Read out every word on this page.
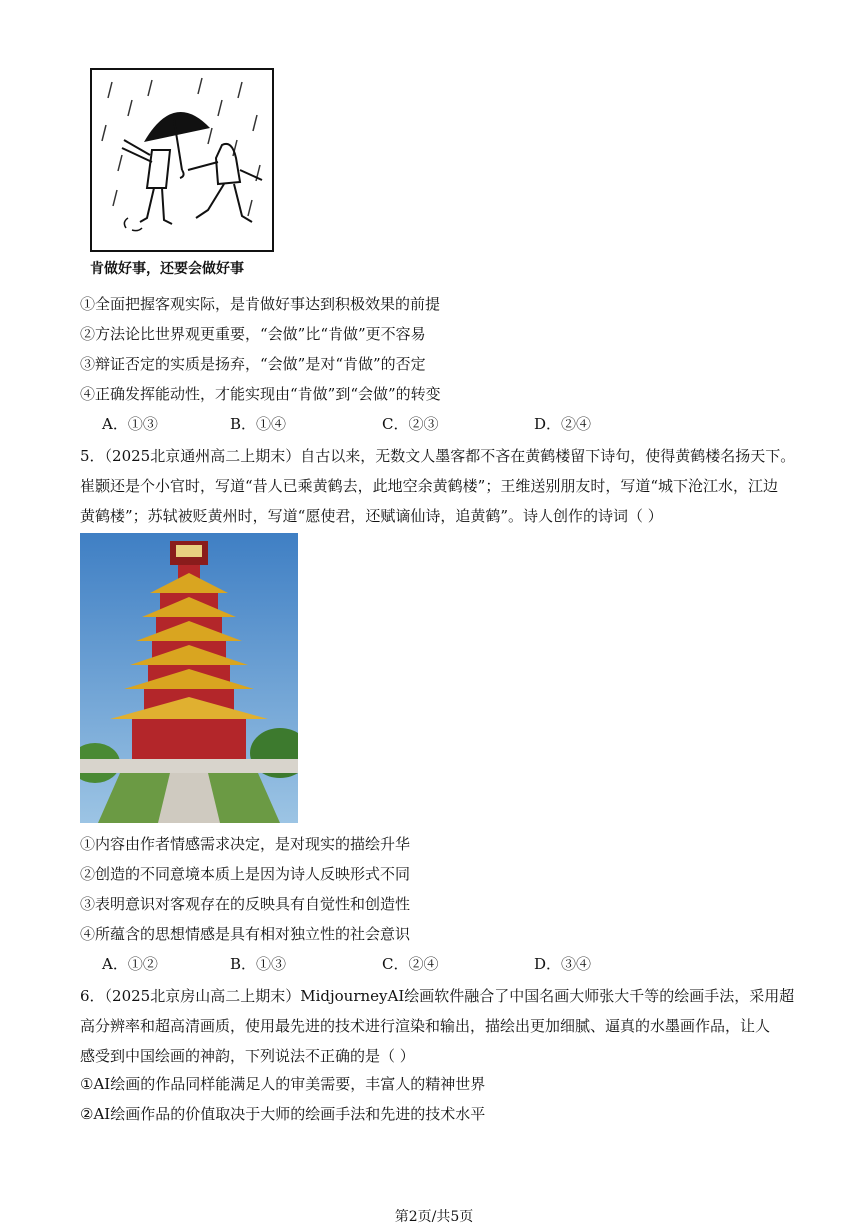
肯做好事，还要会做好事
①全面把握客观实际，是肯做好事达到积极效果的前提
②方法论比世界观更重要，“会做”比“肯做”更不容易
③辩证否定的实质是扬弃，“会做”是对“肯做”的否定
④正确发挥能动性，才能实现由“肯做”到“会做”的转变
A．①③	B．①④	C．②③	D．②④
5．（2025北京通州高二上期末）自古以来，无数文人墨客都不吝在黄鹤楼留下诗句，使得黄鹤楼名扬天下。
崔颢还是个小官时，写道“昔人已乘黄鹤去，此地空余黄鹤楼”；王维送别朋友时，写道“城下沧江水，江边
黄鹤楼”；苏轼被贬黄州时，写道“愿使君，还赋谪仙诗，追黄鹤”。诗人创作的诗词（ ）
①内容由作者情感需求决定，是对现实的描绘升华
②创造的不同意境本质上是因为诗人反映形式不同
③表明意识对客观存在的反映具有自觉性和创造性
④所蕴含的思想情感是具有相对独立性的社会意识
A．①②	B．①③	C．②④	D．③④
6．（2025北京房山高二上期末）MidjourneyAI绘画软件融合了中国名画大师张大千等的绘画手法，采用超
高分辨率和超高清画质，使用最先进的技术进行渲染和输出，描绘出更加细腻、逼真的水墨画作品，让人
感受到中国绘画的神韵，下列说法不正确的是（ ）
①AI绘画的作品同样能满足人的审美需要，丰富人的精神世界
②AI绘画作品的价值取决于大师的绘画手法和先进的技术水平
第2页/共5页
